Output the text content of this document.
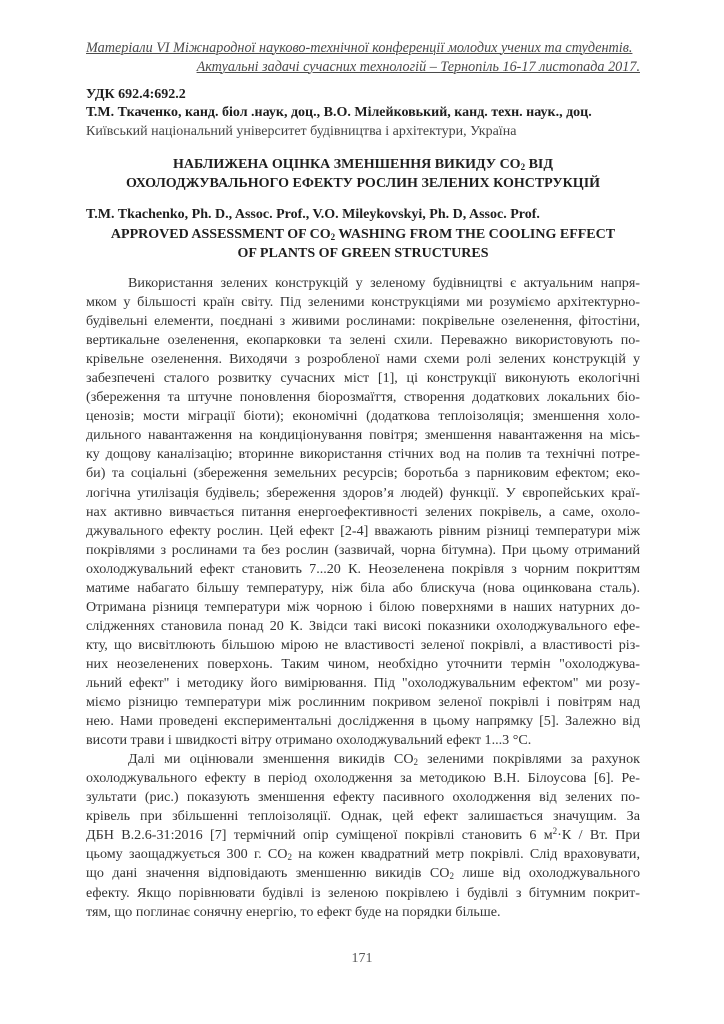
Матеріали VI Міжнародної науково-технічної конференції молодих учених та студентів.
Актуальні задачі сучасних технологій – Тернопіль 16-17 листопада 2017.
УДК 692.4:692.2
Т.М. Ткаченко, канд. біол .наук, доц., В.О. Мілейковький, канд. техн. наук., доц.
Київський національний університет будівництва і архітектури, Україна
НАБЛИЖЕНА ОЦІНКА ЗМЕНШЕННЯ ВИКИДУ $СО_2$ ВІД
ОХОЛОДЖУВАЛЬНОГО ЕФЕКТУ РОСЛИН ЗЕЛЕНИХ КОНСТРУКЦІЙ
T.M. Tkachenko, Ph. D., Assoc. Prof., V.O. Mileykovskyi, Ph. D, Assoc. Prof.
APPROVED ASSESSMENT OF $CO_2$ WASHING FROM THE COOLING EFFECT
OF PLANTS OF GREEN STRUCTURES
Використання зелених конструкцій у зеленому будівництві є актуальним напря-
мком у більшості країн світу. Під зеленими конструкціями ми розуміємо архітектурно-
будівельні елементи, поєднані з живими рослинами: покрівельне озеленення, фітостіни,
вертикальне озеленення, екопарковки та зелені схили. Переважно використовують по-
крівельне озеленення. Виходячи з розробленої нами схеми ролі зелених конструкцій у
забезпечені сталого розвитку сучасних міст [1], ці конструкції виконують екологічні
(збереження та штучне поновлення біорозмаїття, створення додаткових локальних біо-
ценозів; мости міграції біоти); економічні (додаткова теплоізоляція; зменшення холо-
дильного навантаження на кондиціонування повітря; зменшення навантаження на місь-
ку дощову каналізацію; вторинне використання стічних вод на полив та технічні потре-
би) та соціальні (збереження земельних ресурсів; боротьба з парниковим ефектом; еко-
логічна утилізація будівель; збереження здоров’я людей) функції. У європейських краї-
нах активно вивчається питання енергоефективності зелених покрівель, а саме, охоло-
джувального ефекту рослин. Цей ефект [2-4] вважають рівним різниці температури між
покрівлями з рослинами та без рослин (зазвичай, чорна бітумна). При цьому отриманий
охолоджувальний ефект становить 7...20 К. Неозеленена покрівля з чорним покриттям
матиме набагато більшу температуру, ніж біла або блискуча (нова оцинкована сталь).
Отримана різниця температури між чорною і білою поверхнями в наших натурних до-
слідженнях становила понад 20 К. Звідси такі високі показники охолоджувального ефе-
кту, що висвітлюють більшою мірою не властивості зеленої покрівлі, а властивості різ-
них неозеленених поверхонь. Таким чином, необхідно уточнити термін "охолоджува-
льний ефект" і методику його вимірювання. Під "охолоджувальним ефектом" ми розу-
міємо різницю температури між рослинним покривом зеленої покрівлі і повітрям над
нею. Нами проведені експериментальні дослідження в цьому напрямку [5]. Залежно від
висоти трави і швидкості вітру отримано охолоджувальний ефект 1...3 °С.
Далі ми оцінювали зменшення викидів $СО_2$ зеленими покрівлями за рахунок
охолоджувального ефекту в період охолодження за методикою В.Н. Білоусова [6]. Ре-
зультати (рис.) показують зменшення ефекту пасивного охолодження від зелених по-
крівель при збільшенні теплоізоляції. Однак, цей ефект залишається значущим. За
ДБН В.2.6-31:2016 [7] термічний опір суміщеної покрівлі становить 6 $м^2\cdot К$ / Вт. При
цьому заощаджується 300 г. $СО_2$ на кожен квадратний метр покрівлі. Слід враховувати,
що дані значення відповідають зменшенню викидів $СО_2$ лише від охолоджувального
ефекту. Якщо порівнювати будівлі із зеленою покрівлею і будівлі з бітумним покрит-
тям, що поглинає сонячну енергію, то ефект буде на порядки більше.
171
